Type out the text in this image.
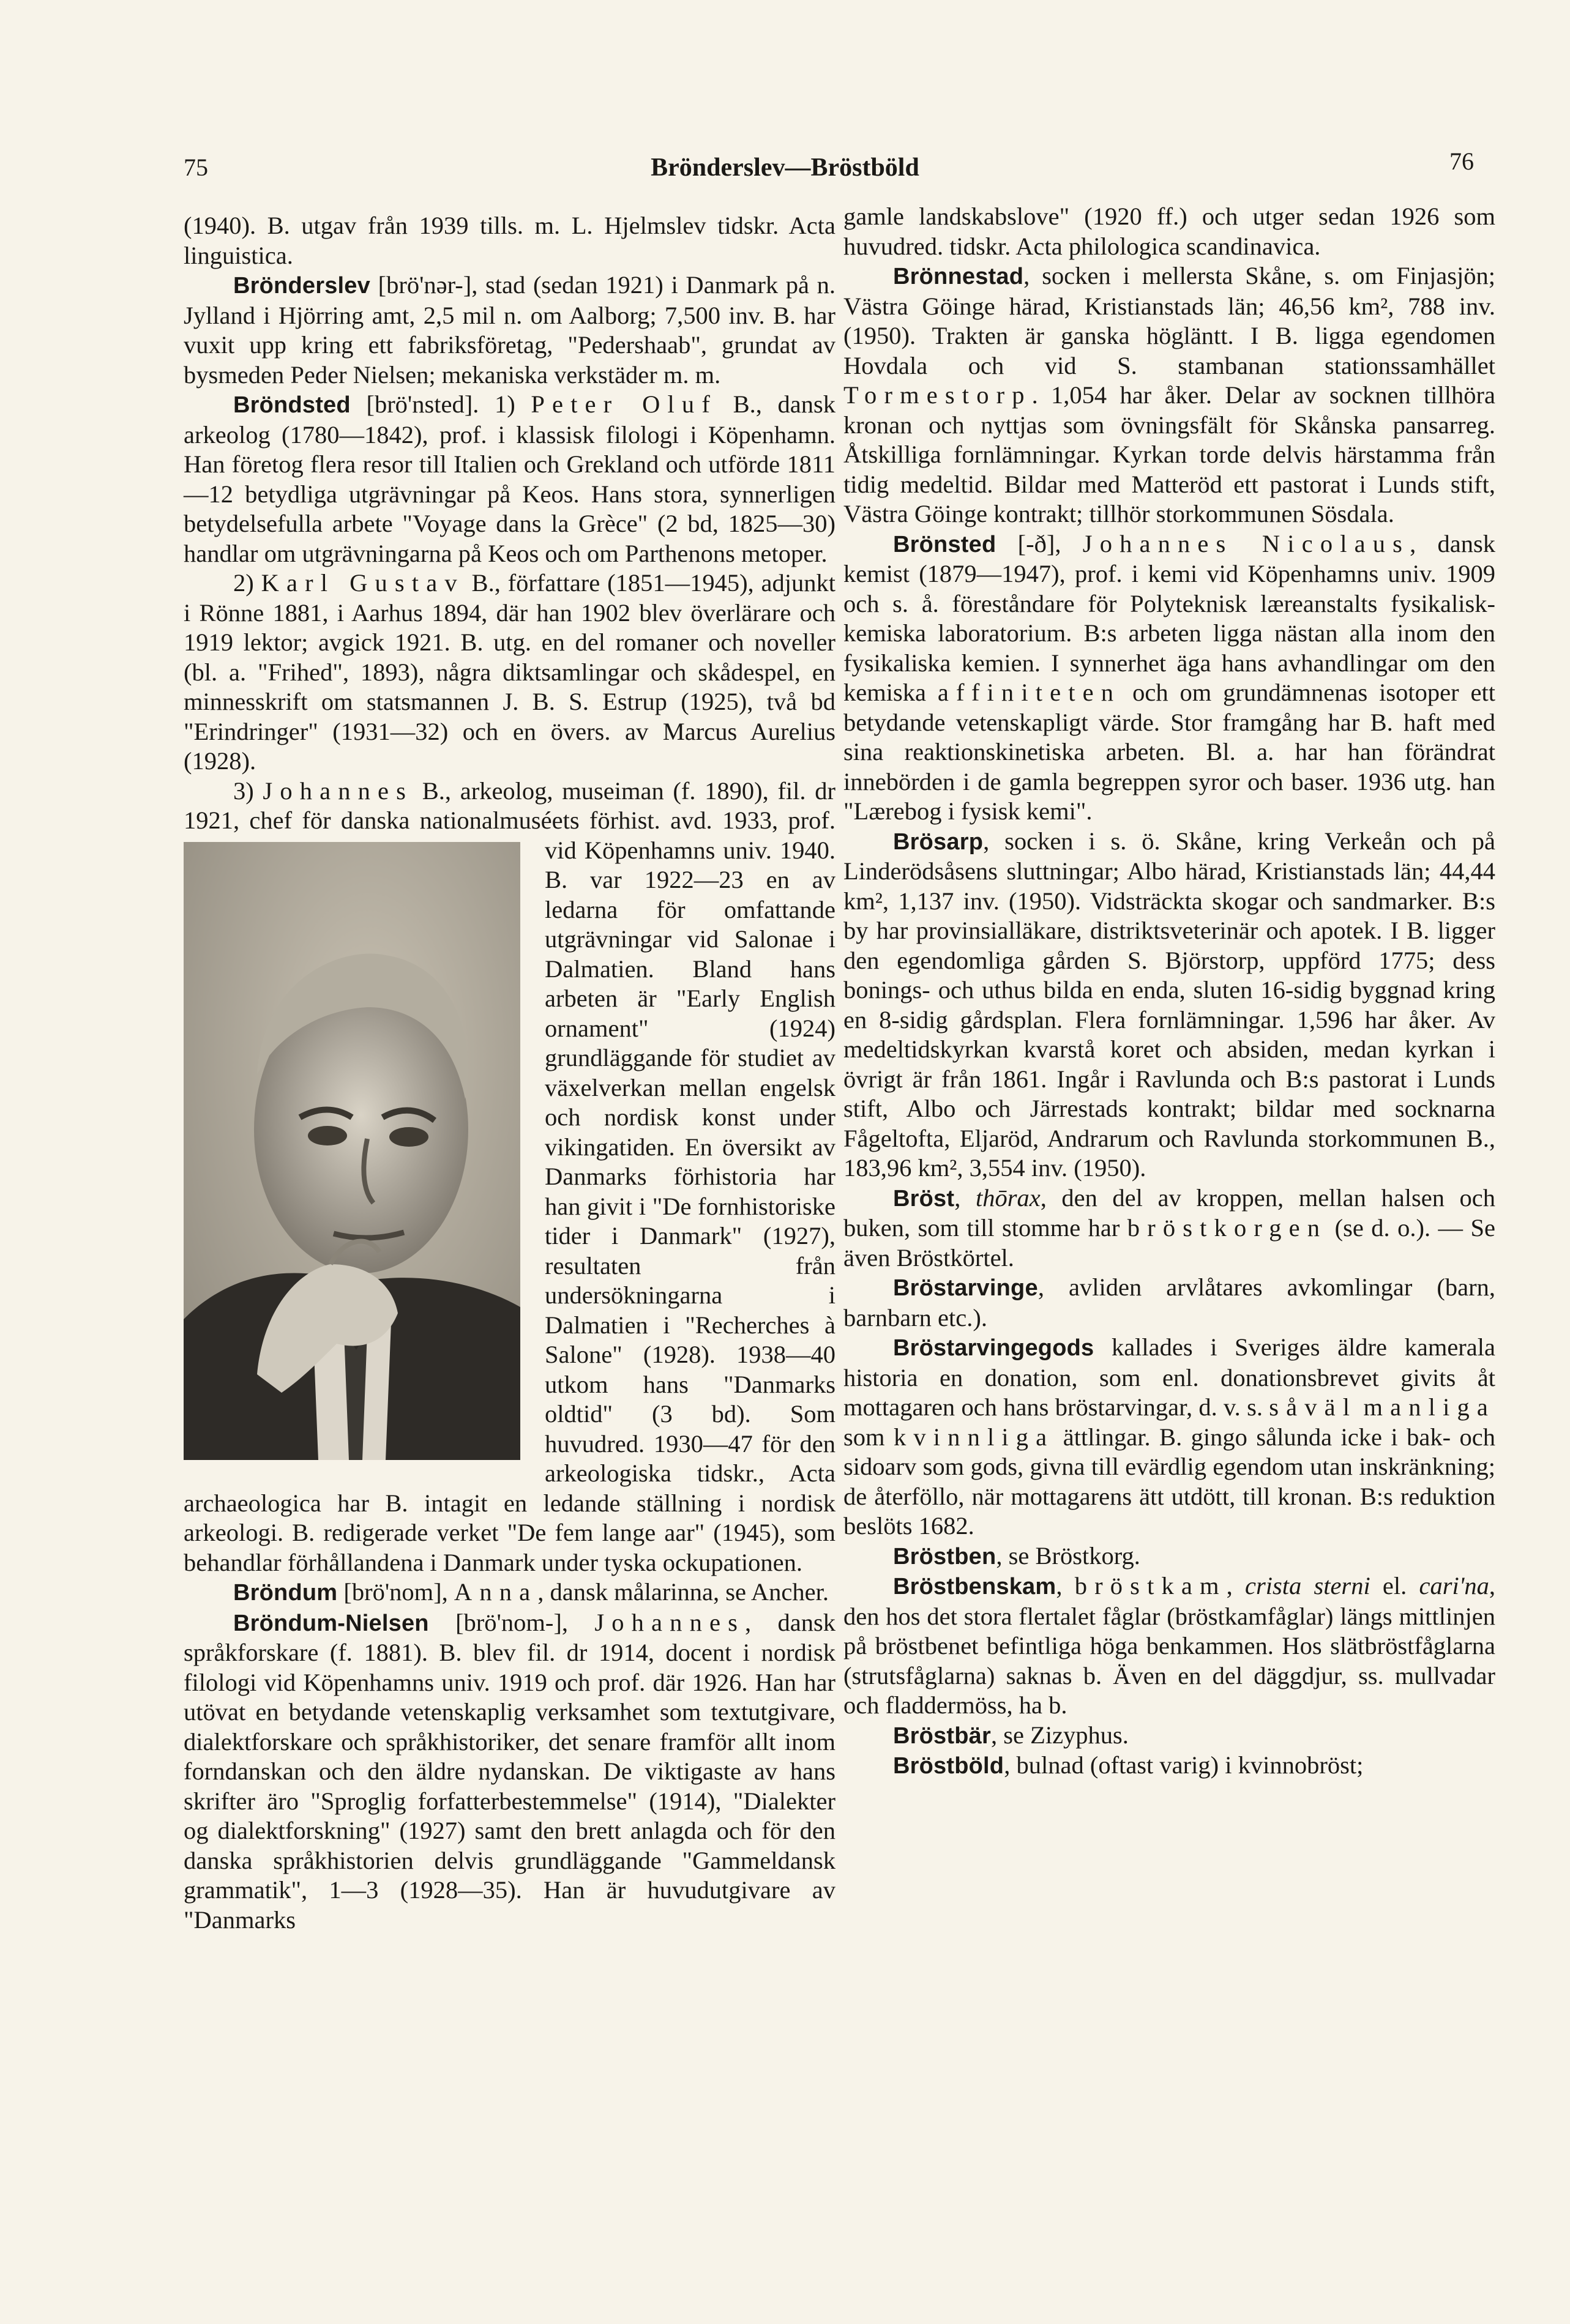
75	Brönderslev—Bröstböld	76

(1940). B. utgav från 1939 tills. m. L. Hjelmslev tidskr. Acta linguistica.

Brönderslev [brö'nər-], stad (sedan 1921) i Danmark på n. Jylland i Hjörring amt, 2,5 mil n. om Aalborg; 7,500 inv. B. har vuxit upp kring ett fabriksföretag, "Pedershaab", grundat av bysmeden Peder Nielsen; mekaniska verkstäder m. m.

Bröndsted [brö'nsted]. 1) Peter Oluf B., dansk arkeolog (1780—1842), prof. i klassisk filologi i Köpenhamn. Han företog flera resor till Italien och Grekland och utförde 1811—12 betydliga utgrävningar på Keos. Hans stora, synnerligen betydelsefulla arbete "Voyage dans la Grèce" (2 bd, 1825—30) handlar om utgrävningarna på Keos och om Parthenons metoper.

2) Karl Gustav B., författare (1851—1945), adjunkt i Rönne 1881, i Aarhus 1894, där han 1902 blev överlärare och 1919 lektor; avgick 1921. B. utg. en del romaner och noveller (bl. a. "Frihed", 1893), några diktsamlingar och skådespel, en minnesskrift om statsmannen J. B. S. Estrup (1925), två bd "Erindringer" (1931—32) och en övers. av Marcus Aurelius (1928).

3) Johannes B., arkeolog, museiman (f. 1890), fil. dr 1921, chef för danska nationalmuséets förhist. avd. 1933, prof. vid Köpenhamns univ. 1940.
B. var 1922—23 en av ledarna för omfattande utgrävningar vid Salonae i Dalmatien. Bland hans arbeten är "Early English ornament" (1924) grundläggande för studiet av växelverkan mellan engelsk och nordisk konst under vikingatiden. En översikt av Danmarks förhistoria har han givit i "De fornhistoriske tider i Danmark" (1927), resultaten från undersökningarna i Dalmatien i "Recherches à Salone" (1928). 1938—40 utkom hans "Danmarks oldtid" (3 bd). Som huvudred. 1930—47 för den arkeologiska tidskr., Acta archaeologica har B. intagit en ledande ställning i nordisk arkeologi. B. redigerade verket "De fem lange aar" (1945), som behandlar förhållandena i Danmark under tyska ockupationen.

Bröndum [brö'nom], Anna, dansk målarinna, se Ancher.

Bröndum-Nielsen [brö'nom-], Johannes, dansk språkforskare (f. 1881). B. blev fil. dr 1914, docent i nordisk filologi vid Köpenhamns univ. 1919 och prof. där 1926. Han har utövat en betydande vetenskaplig verksamhet som textutgivare, dialektforskare och språkhistoriker, det senare framför allt inom forndanskan och den äldre nydanskan. De viktigaste av hans skrifter äro "Sproglig forfatterbestemmelse" (1914), "Dialekter og dialektforskning" (1927) samt den brett anlagda och för den danska språkhistorien delvis grundläggande "Gammeldansk grammatik", 1—3 (1928—35). Han är huvudutgivare av "Danmarks

gamle landskabslove" (1920 ff.) och utger sedan 1926 som huvudred. tidskr. Acta philologica scandinavica.

Brönnestad, socken i mellersta Skåne, s. om Finjasjön; Västra Göinge härad, Kristianstads län; 46,56 km², 788 inv. (1950). Trakten är ganska högläntt. I B. ligga egendomen Hovdala och vid S. stambanan stationssamhället Tormestorp. 1,054 har åker. Delar av socknen tillhöra kronan och nyttjas som övningsfält för Skånska pansarreg. Åtskilliga fornlämningar. Kyrkan torde delvis härstamma från tidig medeltid. Bildar med Matteröd ett pastorat i Lunds stift, Västra Göinge kontrakt; tillhör storkommunen Sösdala.

Brönsted [-ð], Johannes Nicolaus, dansk kemist (1879—1947), prof. i kemi vid Köpenhamns univ. 1909 och s. å. föreståndare för Polyteknisk læreanstalts fysikalisk-kemiska laboratorium. B:s arbeten ligga nästan alla inom den fysikaliska kemien. I synnerhet äga hans avhandlingar om den kemiska affiniteten och om grundämnenas isotoper ett betydande vetenskapligt värde. Stor framgång har B. haft med sina reaktionskinetiska arbeten. Bl. a. har han förändrat innebörden i de gamla begreppen syror och baser. 1936 utg. han "Lærebog i fysisk kemi".

Brösarp, socken i s. ö. Skåne, kring Verkeån och på Linderödsåsens sluttningar; Albo härad, Kristianstads län; 44,44 km², 1,137 inv. (1950). Vidsträckta skogar och sandmarker. B:s by har provinsialläkare, distriktsveterinär och apotek. I B. ligger den egendomliga gården S. Björstorp, uppförd 1775; dess bonings- och uthus bilda en enda, sluten 16-sidig byggnad kring en 8-sidig gårdsplan. Flera fornlämningar. 1,596 har åker. Av medeltidskyrkan kvarstå koret och absiden, medan kyrkan i övrigt är från 1861. Ingår i Ravlunda och B:s pastorat i Lunds stift, Albo och Järrestads kontrakt; bildar med socknarna Fågeltofta, Eljaröd, Andrarum och Ravlunda storkommunen B., 183,96 km², 3,554 inv. (1950).

Bröst, thōrax, den del av kroppen, mellan halsen och buken, som till stomme har bröstkorgen (se d. o.). — Se även Bröstkörtel.

Bröstarvinge, avliden arvlåtares avkomlingar (barn, barnbarn etc.).

Bröstarvingegods kallades i Sveriges äldre kamerala historia en donation, som enl. donationsbrevet givits åt mottagaren och hans bröstarvingar, d. v. s. såväl manliga som kvinnliga ättlingar. B. gingo sålunda icke i bak- och sidoarv som gods, givna till evärdlig egendom utan inskränkning; de återföllo, när mottagarens ätt utdött, till kronan. B:s reduktion beslöts 1682.

Bröstben, se Bröstkorg.

Bröstbenskam, bröstkam, crista sterni el. cari'na, den hos det stora flertalet fåglar (bröstkamfåglar) längs mittlinjen på bröstbenet befintliga höga benkammen. Hos slätbröstfåglarna (strutsfåglarna) saknas b. Även en del däggdjur, ss. mullvadar och fladdermöss, ha b.

Bröstbär, se Zizyphus.

Bröstböld, bulnad (oftast varig) i kvinnobröst;
